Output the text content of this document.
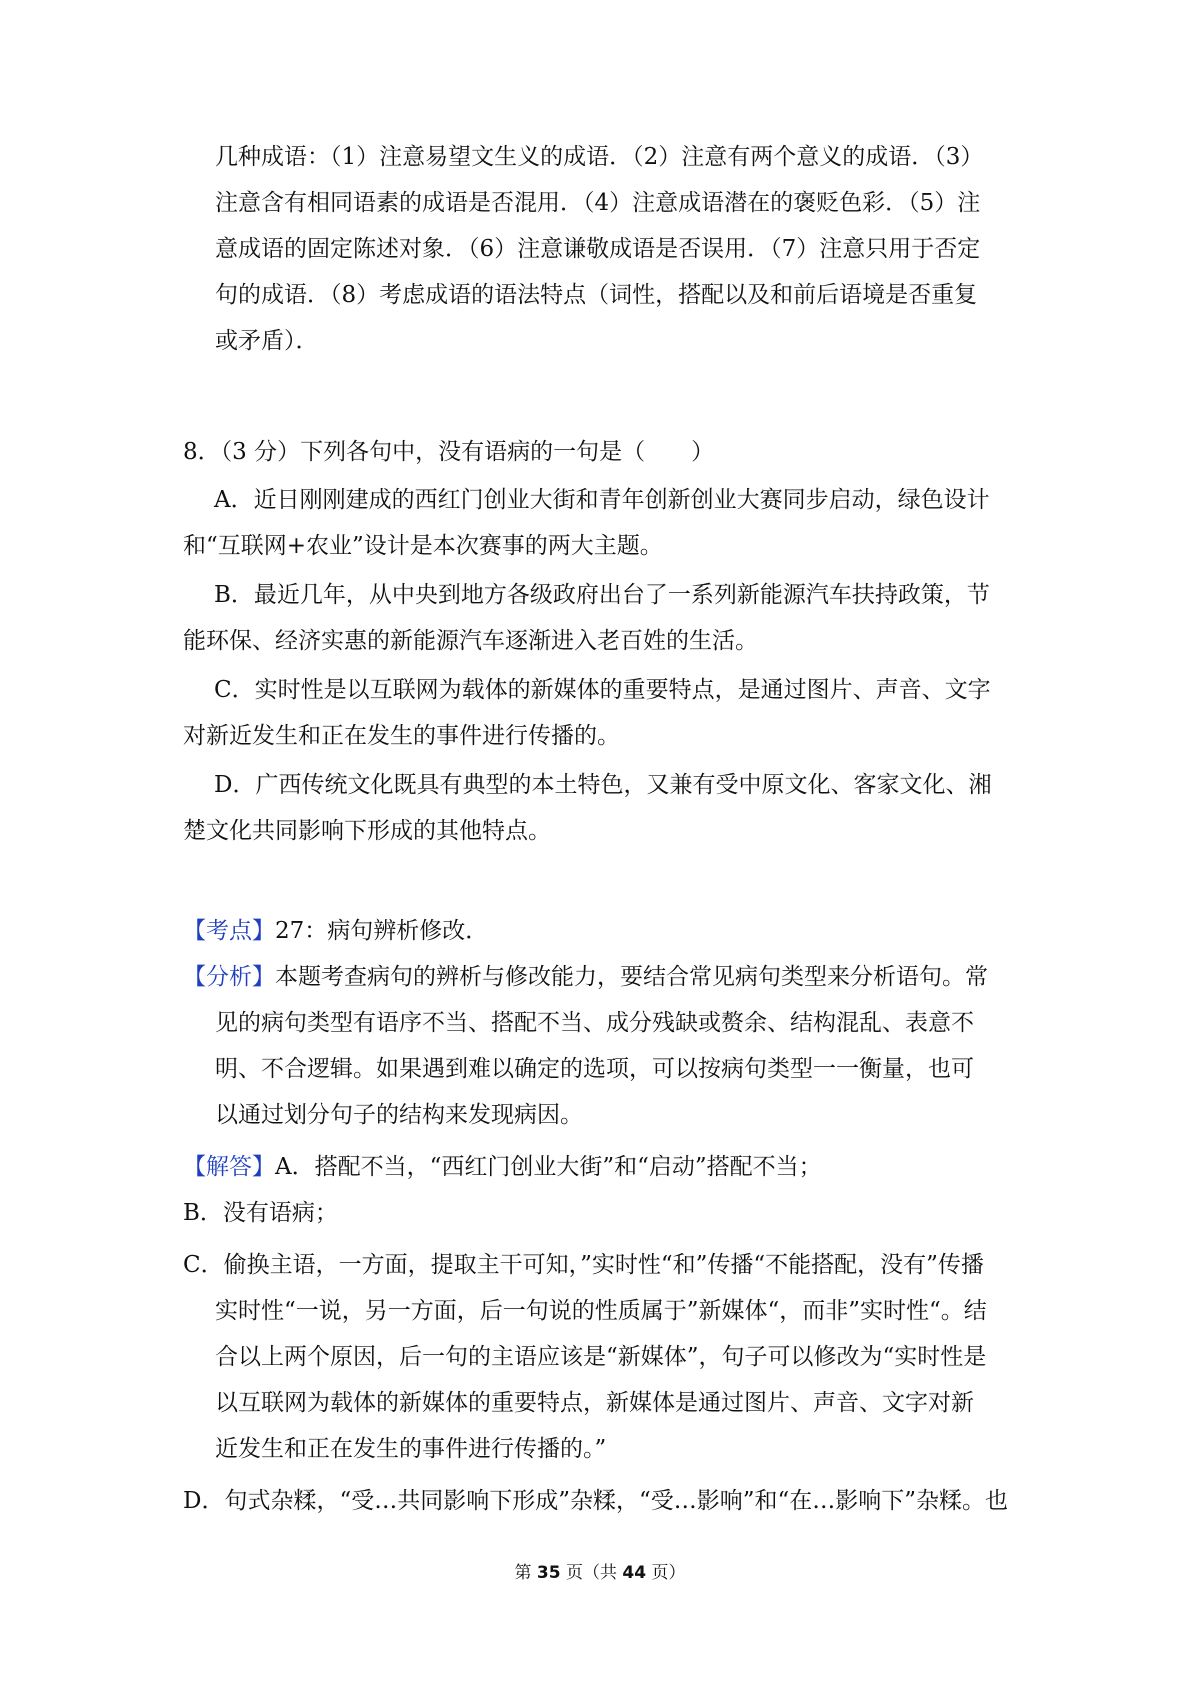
几种成语：（1）注意易望文生义的成语．（2）注意有两个意义的成语．（3）
注意含有相同语素的成语是否混用．（4）注意成语潜在的褒贬色彩．（5）注
意成语的固定陈述对象．（6）注意谦敬成语是否误用．（7）注意只用于否定
句的成语．（8）考虑成语的语法特点（词性，搭配以及和前后语境是否重复
或矛盾）．
8．（3 分）下列各句中，没有语病的一句是（　　）
A．近日刚刚建成的西红门创业大街和青年创新创业大赛同步启动，绿色设计
和“互联网+农业”设计是本次赛事的两大主题。
B．最近几年，从中央到地方各级政府出台了一系列新能源汽车扶持政策，节
能环保、经济实惠的新能源汽车逐渐进入老百姓的生活。
C．实时性是以互联网为载体的新媒体的重要特点，是通过图片、声音、文字
对新近发生和正在发生的事件进行传播的。
D．广西传统文化既具有典型的本土特色，又兼有受中原文化、客家文化、湘
楚文化共同影响下形成的其他特点。
【考点】27：病句辨析修改．
【分析】本题考查病句的辨析与修改能力，要结合常见病句类型来分析语句。常
见的病句类型有语序不当、搭配不当、成分残缺或赘余、结构混乱、表意不
明、不合逻辑。如果遇到难以确定的选项，可以按病句类型一一衡量，也可
以通过划分句子的结构来发现病因。
【解答】A．搭配不当，“西红门创业大街”和“启动”搭配不当；
B．没有语病；
C．偷换主语，一方面，提取主干可知，”实时性“和”传播“不能搭配，没有”传播
实时性“一说，另一方面，后一句说的性质属于”新媒体“，而非”实时性“。结
合以上两个原因，后一句的主语应该是“新媒体”，句子可以修改为“实时性是
以互联网为载体的新媒体的重要特点，新媒体是通过图片、声音、文字对新
近发生和正在发生的事件进行传播的。”
D．句式杂糅，“受…共同影响下形成”杂糅，“受…影响”和“在…影响下”杂糅。也
第 35 页（共 44 页）
